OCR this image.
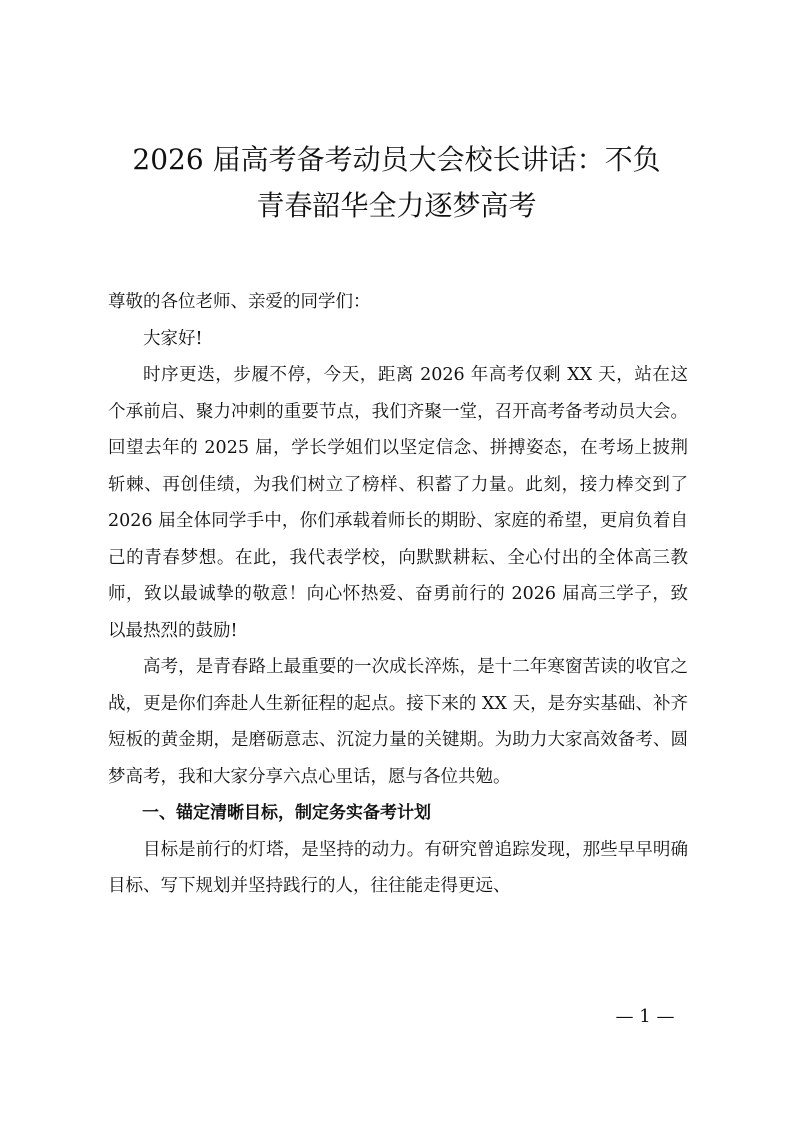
2026 届高考备考动员大会校长讲话：不负
青春韶华全力逐梦高考

尊敬的各位老师、亲爱的同学们：

大家好!

时序更迭，步履不停，今天，距离 2026 年高考仅剩 XX 天，站在这个承前启、聚力冲刺的重要节点，我们齐聚一堂，召开高考备考动员大会。回望去年的 2025 届，学长学姐们以坚定信念、拼搏姿态，在考场上披荆斩棘、再创佳绩，为我们树立了榜样、积蓄了力量。此刻，接力棒交到了 2026 届全体同学手中，你们承载着师长的期盼、家庭的希望，更肩负着自己的青春梦想。在此，我代表学校，向默默耕耘、全心付出的全体高三教师，致以最诚挚的敬意！向心怀热爱、奋勇前行的 2026 届高三学子，致以最热烈的鼓励!

高考，是青春路上最重要的一次成长淬炼，是十二年寒窗苦读的收官之战，更是你们奔赴人生新征程的起点。接下来的 XX 天，是夯实基础、补齐短板的黄金期，是磨砺意志、沉淀力量的关键期。为助力大家高效备考、圆梦高考，我和大家分享六点心里话，愿与各位共勉。

一、锚定清晰目标，制定务实备考计划

目标是前行的灯塔，是坚持的动力。有研究曾追踪发现，那些早早明确目标、写下规划并坚持践行的人，往往能走得更远、

— 1 —
